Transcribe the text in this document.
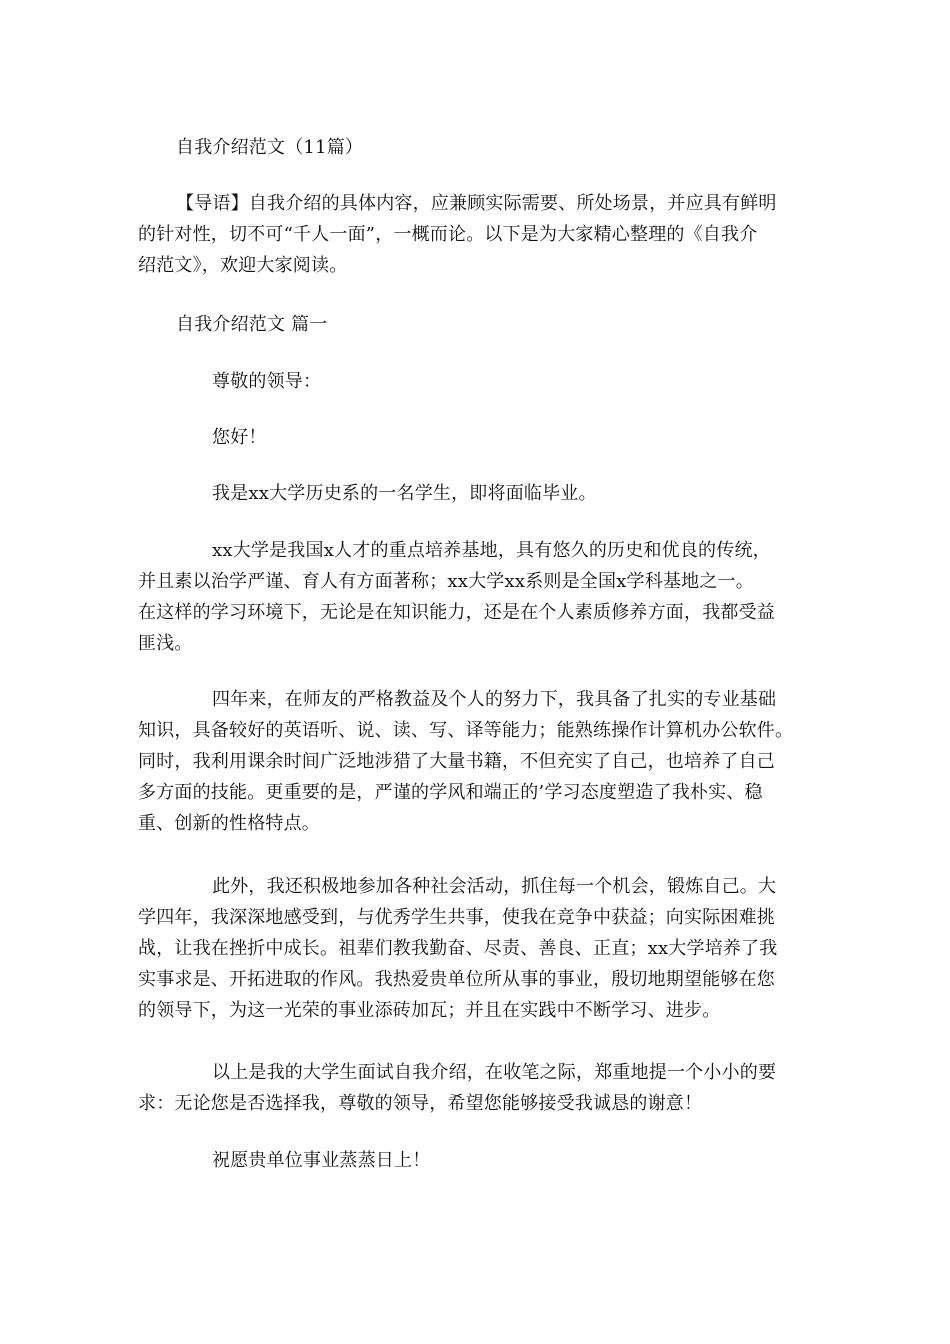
自我介绍范文（11篇）
【导语】自我介绍的具体内容，应兼顾实际需要、所处场景，并应具有鲜明
的针对性，切不可“千人一面”，一概而论。以下是为大家精心整理的《自我介
绍范文》，欢迎大家阅读。
自我介绍范文 篇一
尊敬的领导：
您好！
我是xx大学历史系的一名学生，即将面临毕业。
xx大学是我国x人才的重点培养基地，具有悠久的历史和优良的传统，
并且素以治学严谨、育人有方面著称；xx大学xx系则是全国x学科基地之一。
在这样的学习环境下，无论是在知识能力，还是在个人素质修养方面，我都受益
匪浅。
四年来，在师友的严格教益及个人的努力下，我具备了扎实的专业基础
知识，具备较好的英语听、说、读、写、译等能力；能熟练操作计算机办公软件。
同时，我利用课余时间广泛地涉猎了大量书籍，不但充实了自己，也培养了自己
多方面的技能。更重要的是，严谨的学风和端正的’学习态度塑造了我朴实、稳
重、创新的性格特点。
此外，我还积极地参加各种社会活动，抓住每一个机会，锻炼自己。大
学四年，我深深地感受到，与优秀学生共事，使我在竞争中获益；向实际困难挑
战，让我在挫折中成长。祖辈们教我勤奋、尽责、善良、正直；xx大学培养了我
实事求是、开拓进取的作风。我热爱贵单位所从事的事业，殷切地期望能够在您
的领导下，为这一光荣的事业添砖加瓦；并且在实践中不断学习、进步。
以上是我的大学生面试自我介绍，在收笔之际，郑重地提一个小小的要
求：无论您是否选择我，尊敬的领导，希望您能够接受我诚恳的谢意！
祝愿贵单位事业蒸蒸日上！
